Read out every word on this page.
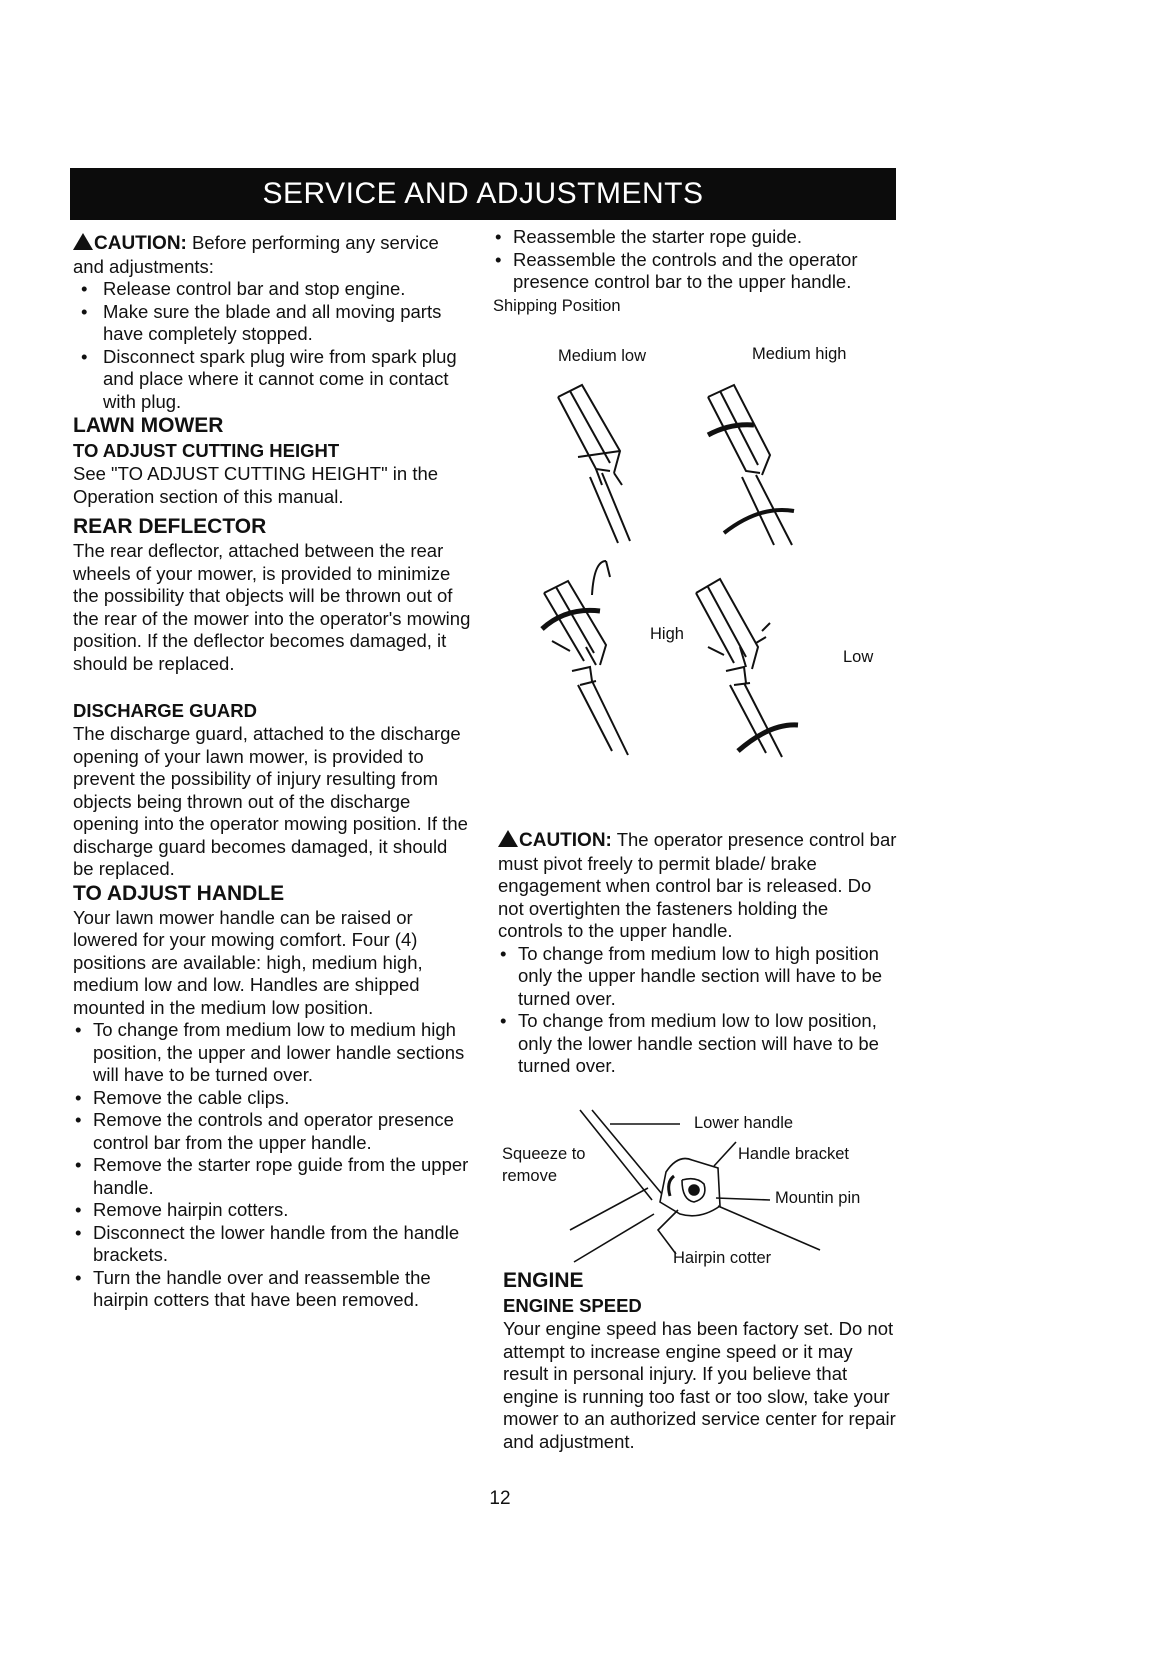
SERVICE AND ADJUSTMENTS

CAUTION: Before performing any service and adjustments:

• Release control bar and stop engine.
• Make sure the blade and all moving parts have completely stopped.
• Disconnect spark plug wire from spark plug and place where it cannot come in contact with plug.

LAWN MOWER

TO ADJUST CUTTING HEIGHT

See "TO ADJUST CUTTING HEIGHT" in the Operation section of this manual.

REAR DEFLECTOR

The rear deflector, attached between the rear wheels of your mower, is provided to minimize the possibility that objects will be thrown out of the rear of the mower into the operator's mowing position. If the deflector becomes damaged, it should be replaced.

DISCHARGE GUARD

The discharge guard, attached to the discharge opening of your lawn mower, is provided to prevent the possibility of injury resulting from objects being thrown out of the discharge opening into the operator mowing position. If the discharge guard becomes damaged, it should be replaced.

TO ADJUST HANDLE

Your lawn mower handle can be raised or lowered for your mowing comfort. Four (4) positions are available: high, medium high, medium low and low. Handles are shipped mounted in the medium low position.

• To change from medium low to medium high position, the upper and lower handle sections will have to be turned over.
• Remove the cable clips.
• Remove the controls and operator presence control bar from the upper handle.
• Remove the starter rope guide from the upper handle.
• Remove hairpin cotters.
• Disconnect the lower handle from the handle brackets.
• Turn the handle over and reassemble the hairpin cotters that have been removed.
• Reassemble the starter rope guide.
• Reassemble the controls and the operator presence control bar to the upper handle.

Shipping Position

Medium low	Medium high
High
Low

CAUTION: The operator presence control bar must pivot freely to permit blade/ brake engagement when control bar is released. Do not overtighten the fasteners holding the controls to the upper handle.

• To change from medium low to high position only the upper handle section will have to be turned over.
• To change from medium low to low position, only the lower handle section will have to be turned over.
Lower handle
Squeeze to
remove
Handle bracket
Mountin pin
Hairpin cotter

ENGINE

ENGINE SPEED

Your engine speed has been factory set. Do not attempt to increase engine speed or it may result in personal injury. If you believe that engine is running too fast or too slow, take your mower to an authorized service center for repair and adjustment.

12
